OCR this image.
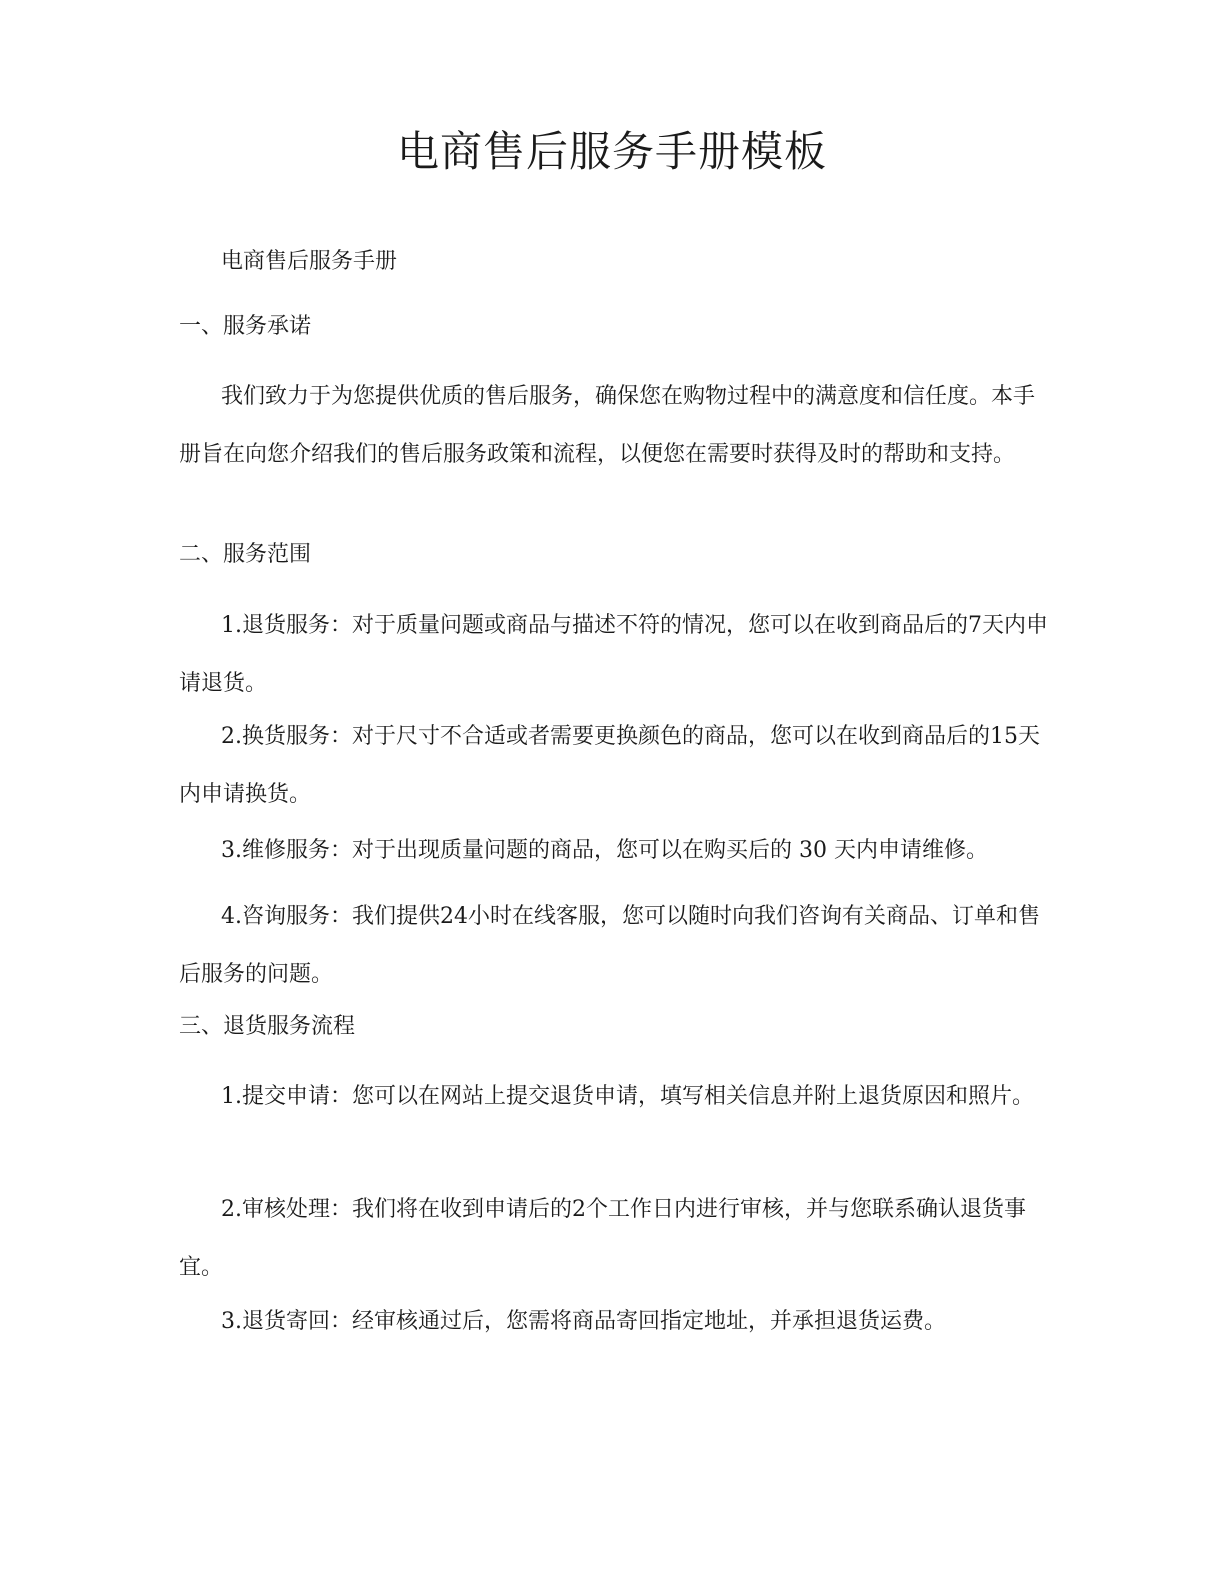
电商售后服务手册模板

电商售后服务手册

一、服务承诺

我们致力于为您提供优质的售后服务，确保您在购物过程中的满意度和信任度。本手册旨在向您介绍我们的售后服务政策和流程，以便您在需要时获得及时的帮助和支持。

二、服务范围

1.退货服务：对于质量问题或商品与描述不符的情况，您可以在收到商品后的7天内申请退货。

2.换货服务：对于尺寸不合适或者需要更换颜色的商品，您可以在收到商品后的15天内申请换货。

3.维修服务：对于出现质量问题的商品，您可以在购买后的 30 天内申请维修。

4.咨询服务：我们提供24小时在线客服，您可以随时向我们咨询有关商品、订单和售后服务的问题。

三、退货服务流程

1.提交申请：您可以在网站上提交退货申请，填写相关信息并附上退货原因和照片。

2.审核处理：我们将在收到申请后的2个工作日内进行审核，并与您联系确认退货事宜。

3.退货寄回：经审核通过后，您需将商品寄回指定地址，并承担退货运费。
